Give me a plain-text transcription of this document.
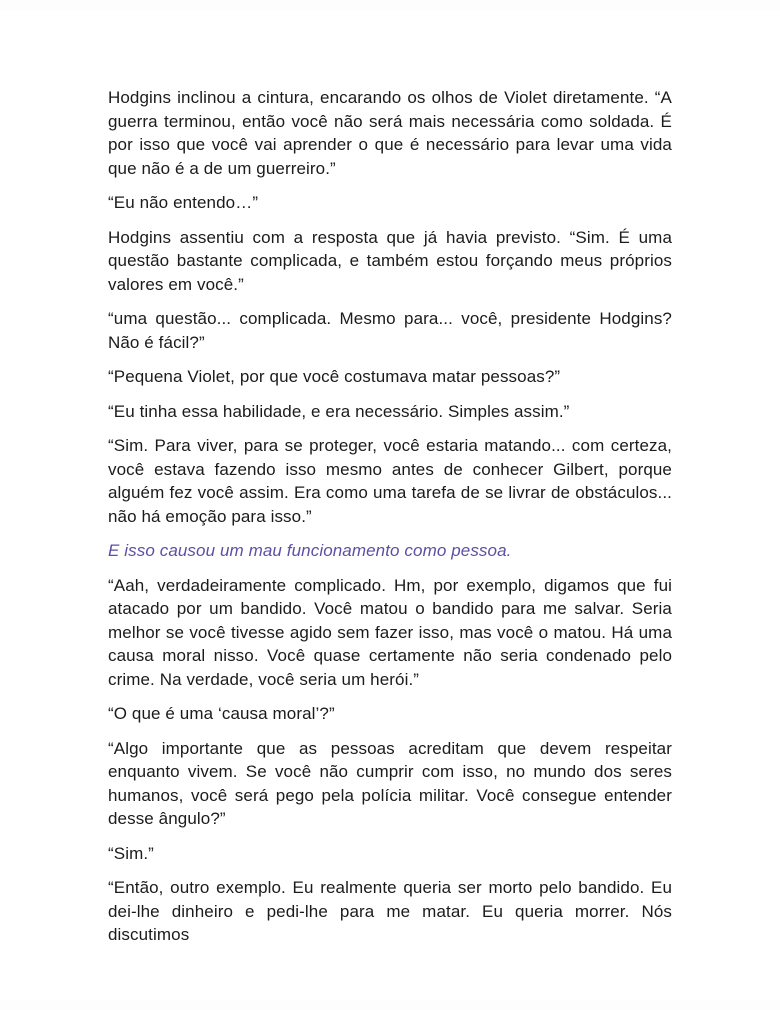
Hodgins inclinou a cintura, encarando os olhos de Violet diretamente. “A guerra terminou, então você não será mais necessária como soldada. É por isso que você vai aprender o que é necessário para levar uma vida que não é a de um guerreiro.”

“Eu não entendo…”

Hodgins assentiu com a resposta que já havia previsto. “Sim. É uma questão bastante complicada, e também estou forçando meus próprios valores em você.”

“uma questão... complicada. Mesmo para... você, presidente Hodgins? Não é fácil?”

“Pequena Violet, por que você costumava matar pessoas?”

“Eu tinha essa habilidade, e era necessário. Simples assim.”

“Sim. Para viver, para se proteger, você estaria matando... com certeza, você estava fazendo isso mesmo antes de conhecer Gilbert, porque alguém fez você assim. Era como uma tarefa de se livrar de obstáculos... não há emoção para isso.”

E isso causou um mau funcionamento como pessoa.

“Aah, verdadeiramente complicado. Hm, por exemplo, digamos que fui atacado por um bandido. Você matou o bandido para me salvar. Seria melhor se você tivesse agido sem fazer isso, mas você o matou. Há uma causa moral nisso. Você quase certamente não seria condenado pelo crime. Na verdade, você seria um herói.”

“O que é uma ‘causa moral’?”

“Algo importante que as pessoas acreditam que devem respeitar enquanto vivem. Se você não cumprir com isso, no mundo dos seres humanos, você será pego pela polícia militar. Você consegue entender desse ângulo?”

“Sim.”

“Então, outro exemplo. Eu realmente queria ser morto pelo bandido. Eu dei-lhe dinheiro e pedi-lhe para me matar. Eu queria morrer. Nós discutimos
